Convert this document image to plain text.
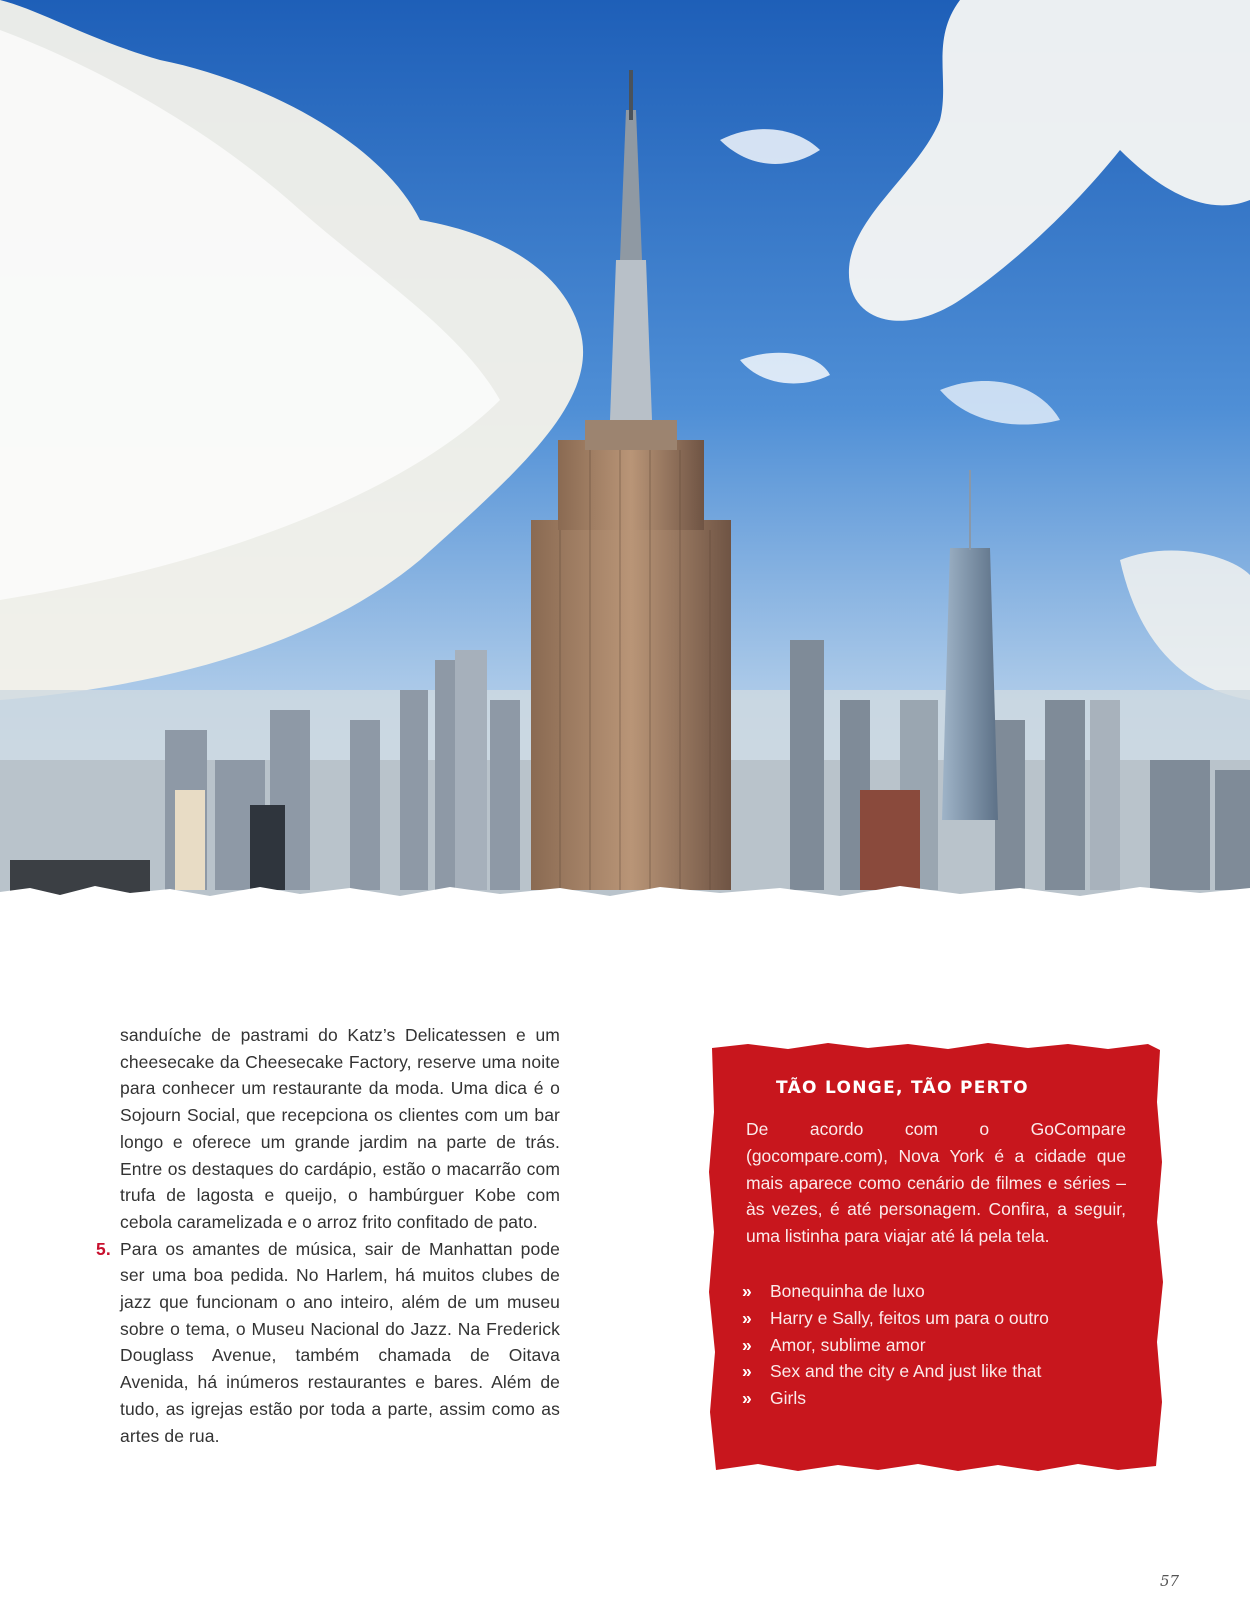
sanduíche de pastrami do Katz’s Delicatessen e um cheesecake da Cheesecake Factory, reserve uma noite para conhecer um restaurante da moda. Uma dica é o Sojourn Social, que recepciona os clientes com um bar longo e oferece um grande jardim na parte de trás. Entre os destaques do cardápio, estão o macarrão com trufa de lagosta e queijo, o hambúrguer Kobe com cebola caramelizada e o arroz frito confitado de pato.

5. Para os amantes de música, sair de Manhattan pode ser uma boa pedida. No Harlem, há muitos clubes de jazz que funcionam o ano inteiro, além de um museu sobre o tema, o Museu Nacional do Jazz. Na Frederick Douglass Avenue, também chamada de Oitava Avenida, há inúmeros restaurantes e bares. Além de tudo, as igrejas estão por toda a parte, assim como as artes de rua.

TÃO LONGE, TÃO PERTO

De acordo com o GoCompare (gocompare.com), Nova York é a cidade que mais aparece como cenário de filmes e séries – às vezes, é até personagem. Confira, a seguir, uma listinha para viajar até lá pela tela.

»	Bonequinha de luxo
»	Harry e Sally, feitos um para o outro
»	Amor, sublime amor
»	Sex and the city e And just like that
»	Girls
57
